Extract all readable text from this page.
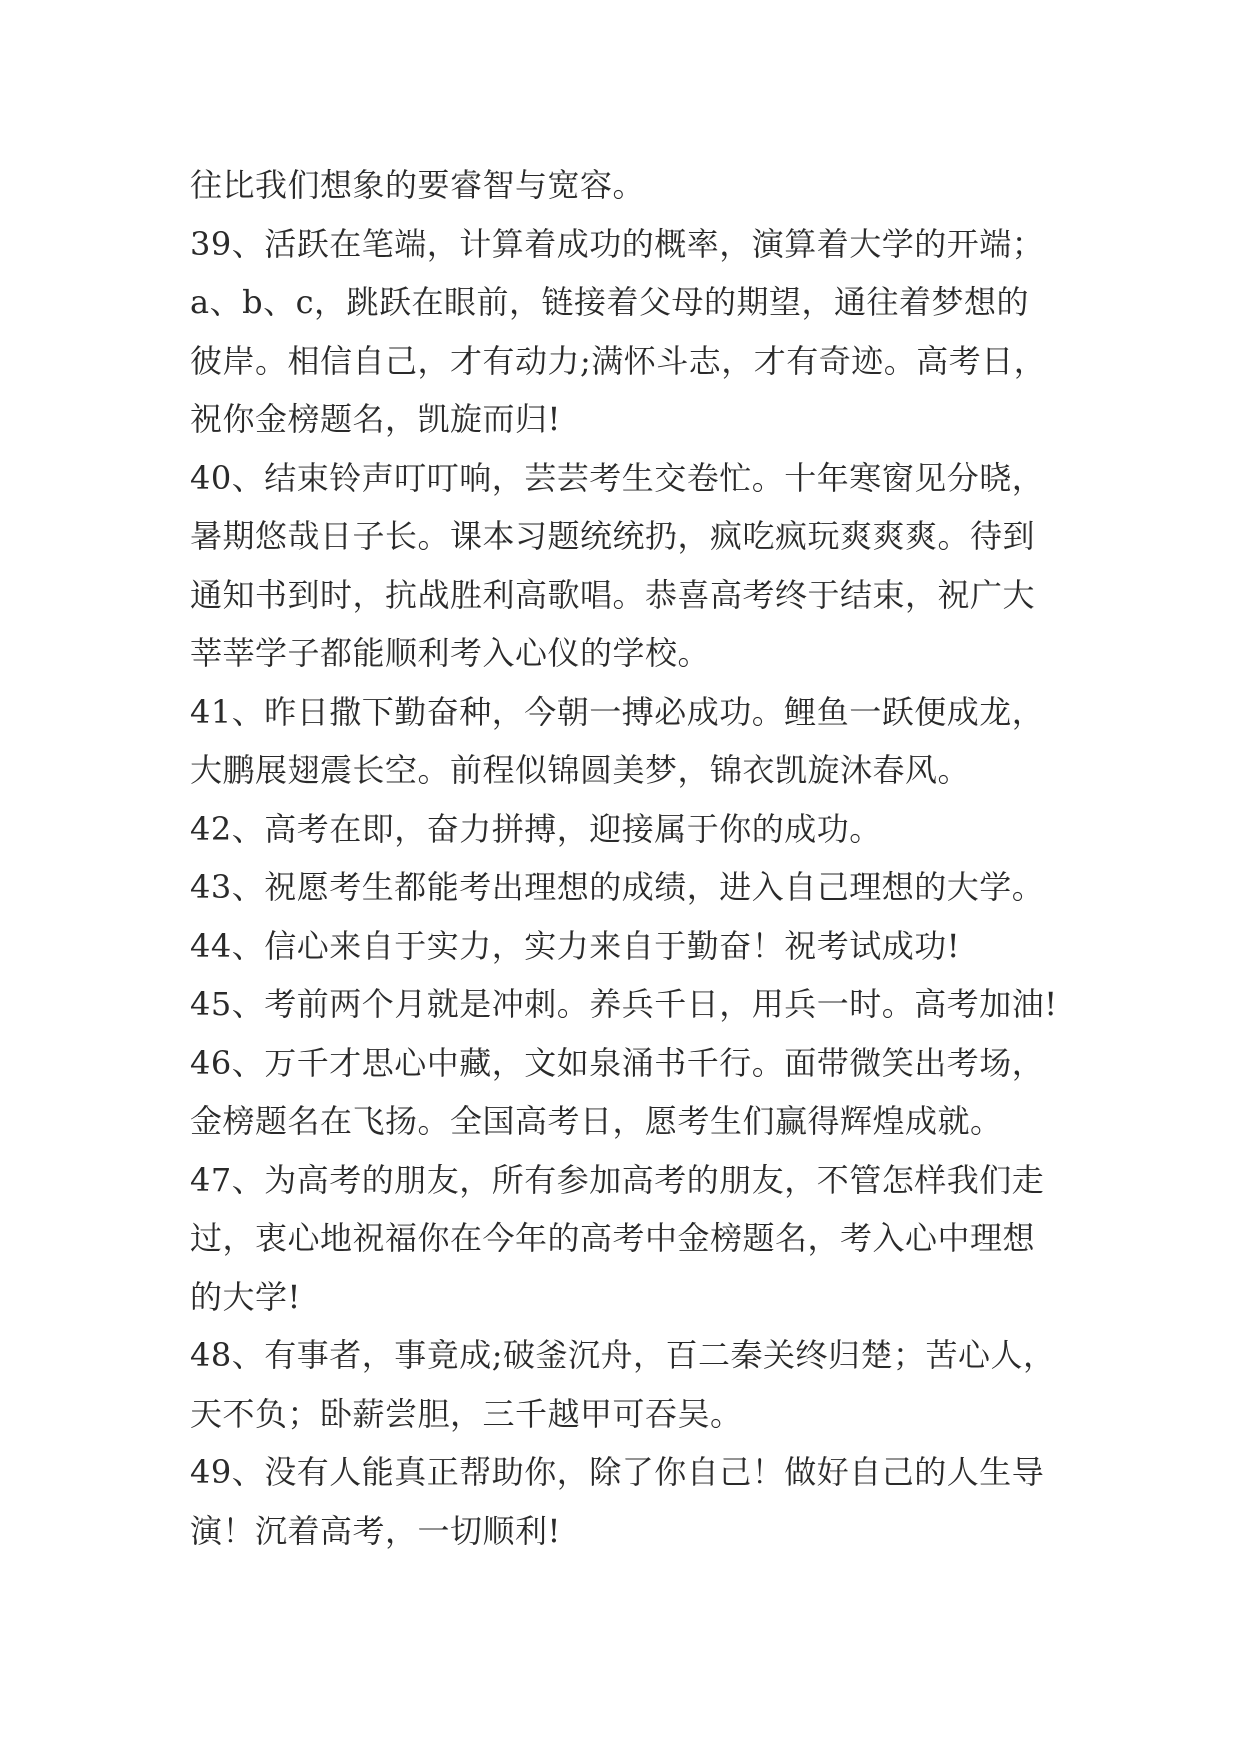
往比我们想象的要睿智与宽容。
39、活跃在笔端，计算着成功的概率，演算着大学的开端；
a、b、c，跳跃在眼前，链接着父母的期望，通往着梦想的
彼岸。相信自己，才有动力;满怀斗志，才有奇迹。高考日，
祝你金榜题名，凯旋而归!
40、结束铃声叮叮响，芸芸考生交卷忙。十年寒窗见分晓，
暑期悠哉日子长。课本习题统统扔，疯吃疯玩爽爽爽。待到
通知书到时，抗战胜利高歌唱。恭喜高考终于结束，祝广大
莘莘学子都能顺利考入心仪的学校。
41、昨日撒下勤奋种，今朝一搏必成功。鲤鱼一跃便成龙，
大鹏展翅震长空。前程似锦圆美梦，锦衣凯旋沐春风。
42、高考在即，奋力拼搏，迎接属于你的成功。
43、祝愿考生都能考出理想的成绩，进入自己理想的大学。
44、信心来自于实力，实力来自于勤奋！祝考试成功!
45、考前两个月就是冲刺。养兵千日，用兵一时。高考加油!
46、万千才思心中藏，文如泉涌书千行。面带微笑出考场，
金榜题名在飞扬。全国高考日，愿考生们赢得辉煌成就。
47、为高考的朋友，所有参加高考的朋友，不管怎样我们走
过，衷心地祝福你在今年的高考中金榜题名，考入心中理想
的大学!
48、有事者，事竟成;破釜沉舟，百二秦关终归楚；苦心人，
天不负；卧薪尝胆，三千越甲可吞吴。
49、没有人能真正帮助你，除了你自己！做好自己的人生导
演！沉着高考，一切顺利!
